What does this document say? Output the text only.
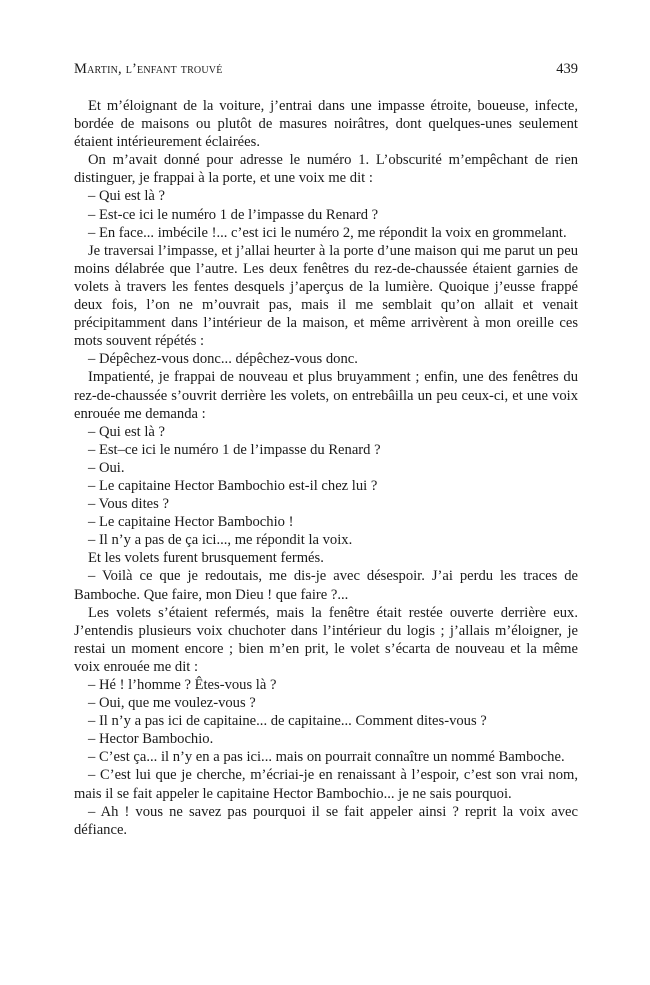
Martin, l’enfant trouvé	439

Et m’éloignant de la voiture, j’entrai dans une impasse étroite, boueuse, infecte, bordée de maisons ou plutôt de masures noirâtres, dont quelques-unes seulement étaient intérieurement éclairées.

On m’avait donné pour adresse le numéro 1. L’obscurité m’empêchant de rien distinguer, je frappai à la porte, et une voix me dit :

– Qui est là ?

– Est-ce ici le numéro 1 de l’impasse du Renard ?

– En face... imbécile !... c’est ici le numéro 2, me répondit la voix en grommelant.

Je traversai l’impasse, et j’allai heurter à la porte d’une maison qui me parut un peu moins délabrée que l’autre. Les deux fenêtres du rez-de-chaussée étaient garnies de volets à travers les fentes desquels j’aperçus de la lumière. Quoique j’eusse frappé deux fois, l’on ne m’ouvrait pas, mais il me semblait qu’on allait et venait précipitamment dans l’intérieur de la maison, et même arrivèrent à mon oreille ces mots souvent répétés :

– Dépêchez-vous donc... dépêchez-vous donc.

Impatienté, je frappai de nouveau et plus bruyamment ; enfin, une des fenêtres du rez-de-chaussée s’ouvrit derrière les volets, on entrebâilla un peu ceux-ci, et une voix enrouée me demanda :

– Qui est là ?

– Est–ce ici le numéro 1 de l’impasse du Renard ?

– Oui.

– Le capitaine Hector Bambochio est-il chez lui ?

– Vous dites ?

– Le capitaine Hector Bambochio !

– Il n’y a pas de ça ici..., me répondit la voix.

Et les volets furent brusquement fermés.

– Voilà ce que je redoutais, me dis-je avec désespoir. J’ai perdu les traces de Bamboche. Que faire, mon Dieu ! que faire ?...

Les volets s’étaient refermés, mais la fenêtre était restée ouverte derrière eux. J’entendis plusieurs voix chuchoter dans l’intérieur du logis ; j’allais m’éloigner, je restai un moment encore ; bien m’en prit, le volet s’écarta de nouveau et la même voix enrouée me dit :

– Hé ! l’homme ? Êtes-vous là ?

– Oui, que me voulez-vous ?

– Il n’y a pas ici de capitaine... de capitaine... Comment dites-vous ?

– Hector Bambochio.

– C’est ça... il n’y en a pas ici... mais on pourrait connaître un nommé Bamboche.

– C’est lui que je cherche, m’écriai-je en renaissant à l’espoir, c’est son vrai nom, mais il se fait appeler le capitaine Hector Bambochio... je ne sais pourquoi.

– Ah ! vous ne savez pas pourquoi il se fait appeler ainsi ? reprit la voix avec défiance.
